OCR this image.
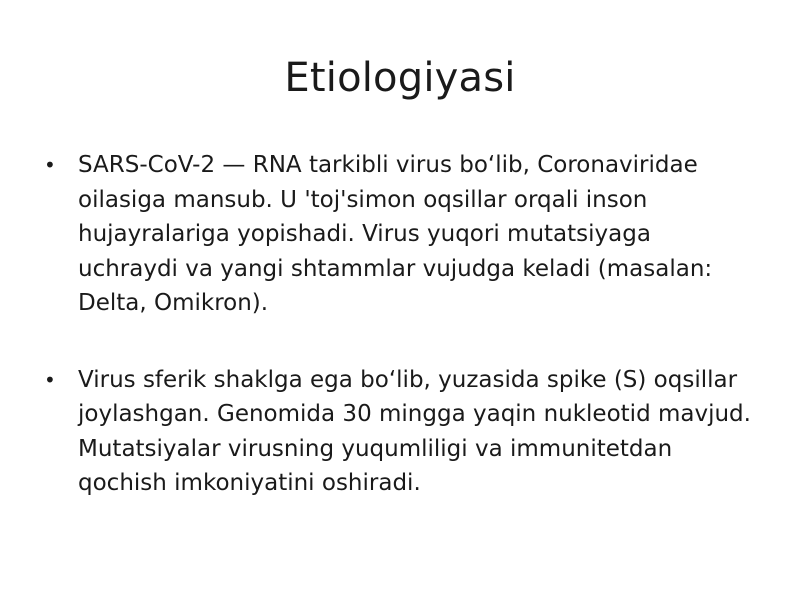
Etiologiyasi
• SARS-CoV-2 — RNA tarkibli virus bo‘lib, Coronaviridae oilasiga mansub. U 'toj'simon oqsillar orqali inson hujayralariga yopishadi. Virus yuqori mutatsiyaga uchraydi va yangi shtammlar vujudga keladi (masalan: Delta, Omikron).
• Virus sferik shaklga ega bo‘lib, yuzasida spike (S) oqsillar joylashgan. Genomida 30 mingga yaqin nukleotid mavjud. Mutatsiyalar virusning yuqumliligi va immunitetdan qochish imkoniyatini oshiradi.
